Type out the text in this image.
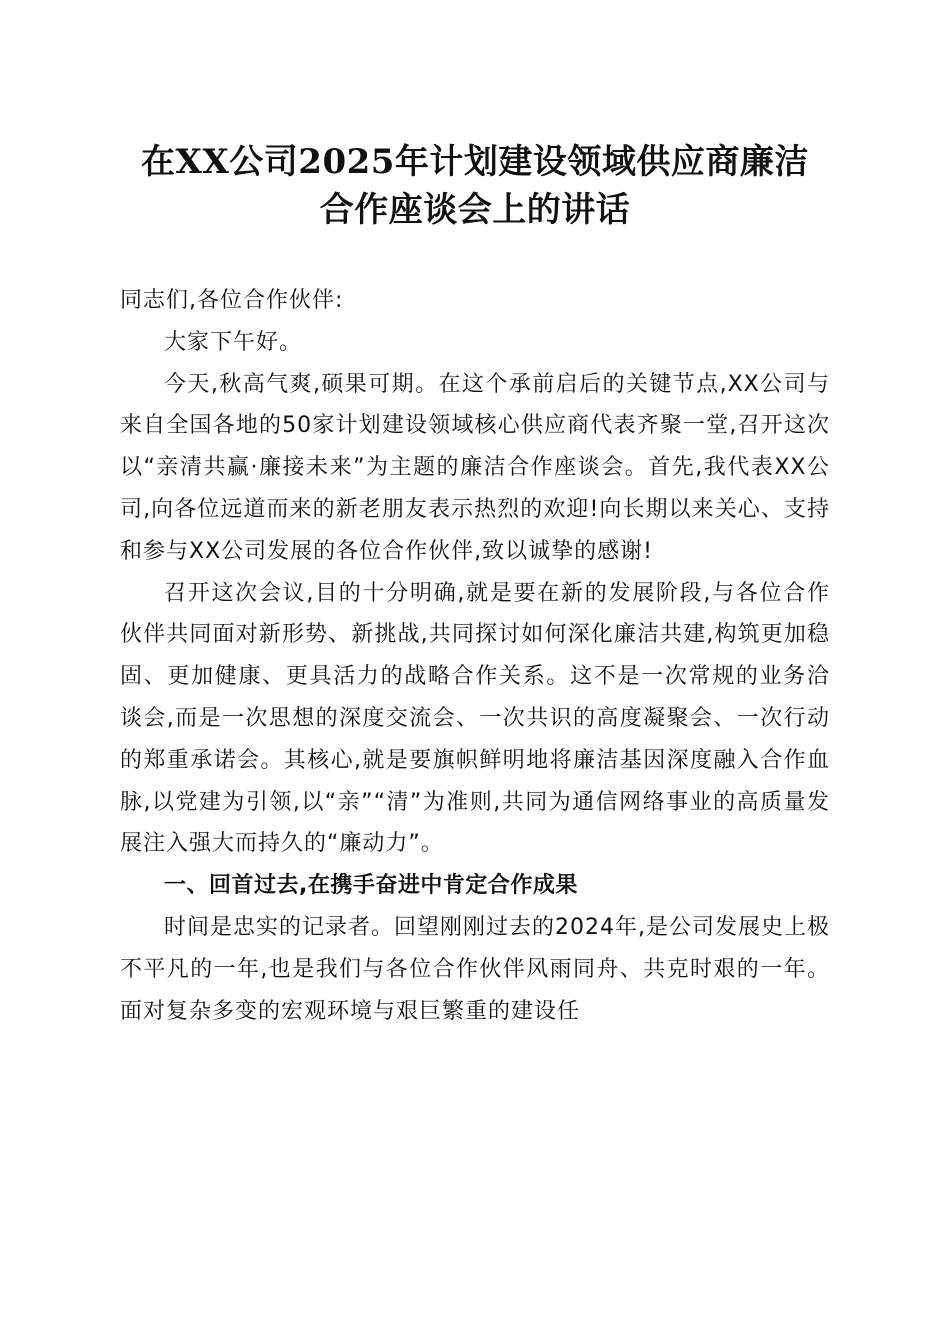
在XX公司2025年计划建设领域供应商廉洁
合作座谈会上的讲话

同志们,各位合作伙伴:

大家下午好。

今天,秋高气爽,硕果可期。在这个承前启后的关键节点,XX公司与来自全国各地的50家计划建设领域核心供应商代表齐聚一堂,召开这次以“亲清共赢·廉接未来”为主题的廉洁合作座谈会。首先,我代表XX公司,向各位远道而来的新老朋友表示热烈的欢迎!向长期以来关心、支持和参与XX公司发展的各位合作伙伴,致以诚挚的感谢!

召开这次会议,目的十分明确,就是要在新的发展阶段,与各位合作伙伴共同面对新形势、新挑战,共同探讨如何深化廉洁共建,构筑更加稳固、更加健康、更具活力的战略合作关系。这不是一次常规的业务洽谈会,而是一次思想的深度交流会、一次共识的高度凝聚会、一次行动的郑重承诺会。其核心,就是要旗帜鲜明地将廉洁基因深度融入合作血脉,以党建为引领,以“亲”“清”为准则,共同为通信网络事业的高质量发展注入强大而持久的“廉动力”。

一、回首过去,在携手奋进中肯定合作成果

时间是忠实的记录者。回望刚刚过去的2024年,是公司发展史上极不平凡的一年,也是我们与各位合作伙伴风雨同舟、共克时艰的一年。面对复杂多变的宏观环境与艰巨繁重的建设任
